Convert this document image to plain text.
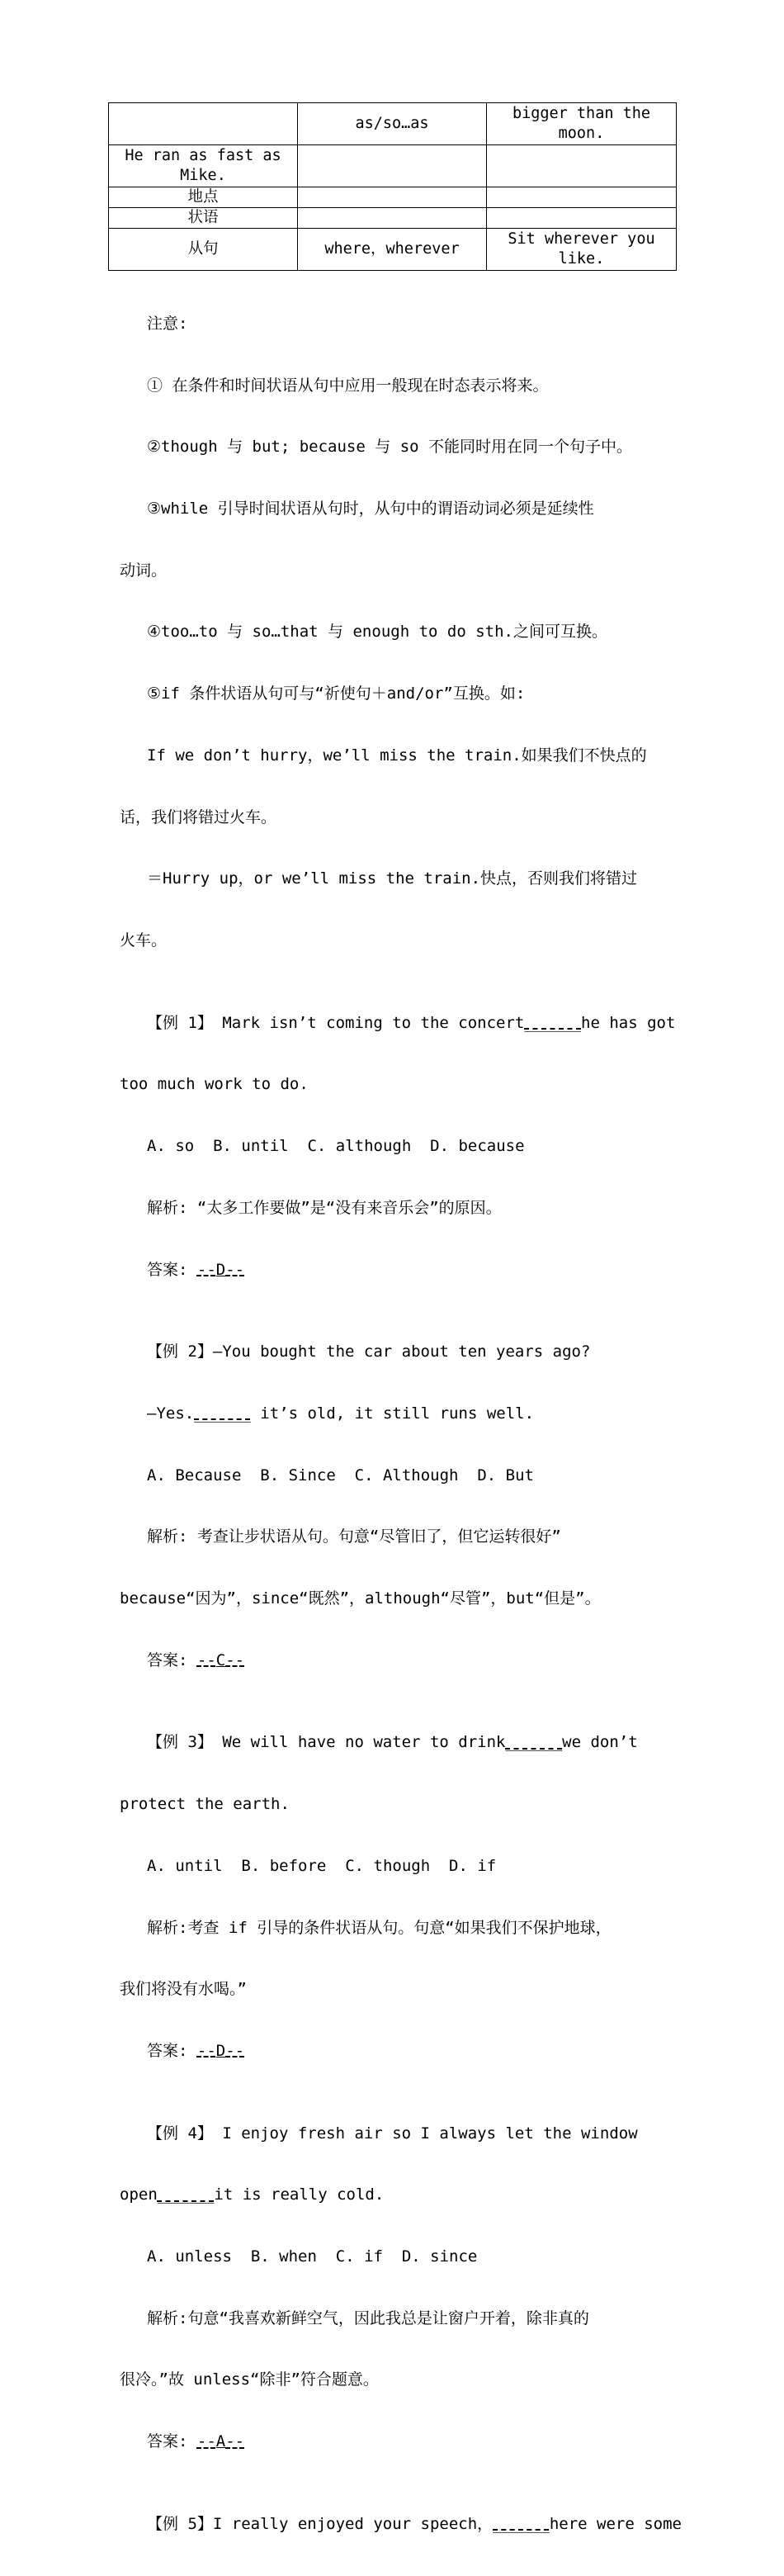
	as/so…as	bigger than the moon.
He ran as fast as Mike.		
地点		
状语		
从句	where，wherever	Sit wherever you like.

注意:

① 在条件和时间状语从句中应用一般现在时态表示将来。

②though 与 but; because 与 so 不能同时用在同一个句子中。

③while 引导时间状语从句时，从句中的谓语动词必须是延续性

动词。

④too…to 与 so…that 与 enough to do sth.之间可互换。

⑤if 条件状语从句可与“祈使句＋and/or”互换。如:

If we don’t hurry，we’ll miss the train.如果我们不快点的

话，我们将错过火车。

＝Hurry up，or we’ll miss the train.快点，否则我们将错过

火车。

【例 1】 Mark isn’t coming to the concert______he has got

too much work to do.

A. so  B. until  C. although  D. because

解析: “太多工作要做”是“没有来音乐会”的原因。

答案: --D--

【例 2】—You bought the car about ten years ago?

—Yes.______ it’s old, it still runs well.

A. Because  B. Since  C. Although  D. But

解析: 考查让步状语从句。句意“尽管旧了，但它运转很好”

because“因为”，since“既然”，although“尽管”，but“但是”。

答案: --C--

【例 3】 We will have no water to drink______we don’t

protect the earth.

A. until  B. before  C. though  D. if

解析:考查 if 引导的条件状语从句。句意“如果我们不保护地球，

我们将没有水喝。”

答案: --D--

【例 4】 I enjoy fresh air so I always let the window

open______it is really cold.

A. unless  B. when  C. if  D. since

解析:句意“我喜欢新鲜空气，因此我总是让窗户开着，除非真的

很冷。”故 unless“除非”符合题意。

答案: --A--

【例 5】I really enjoyed your speech，______here were some
